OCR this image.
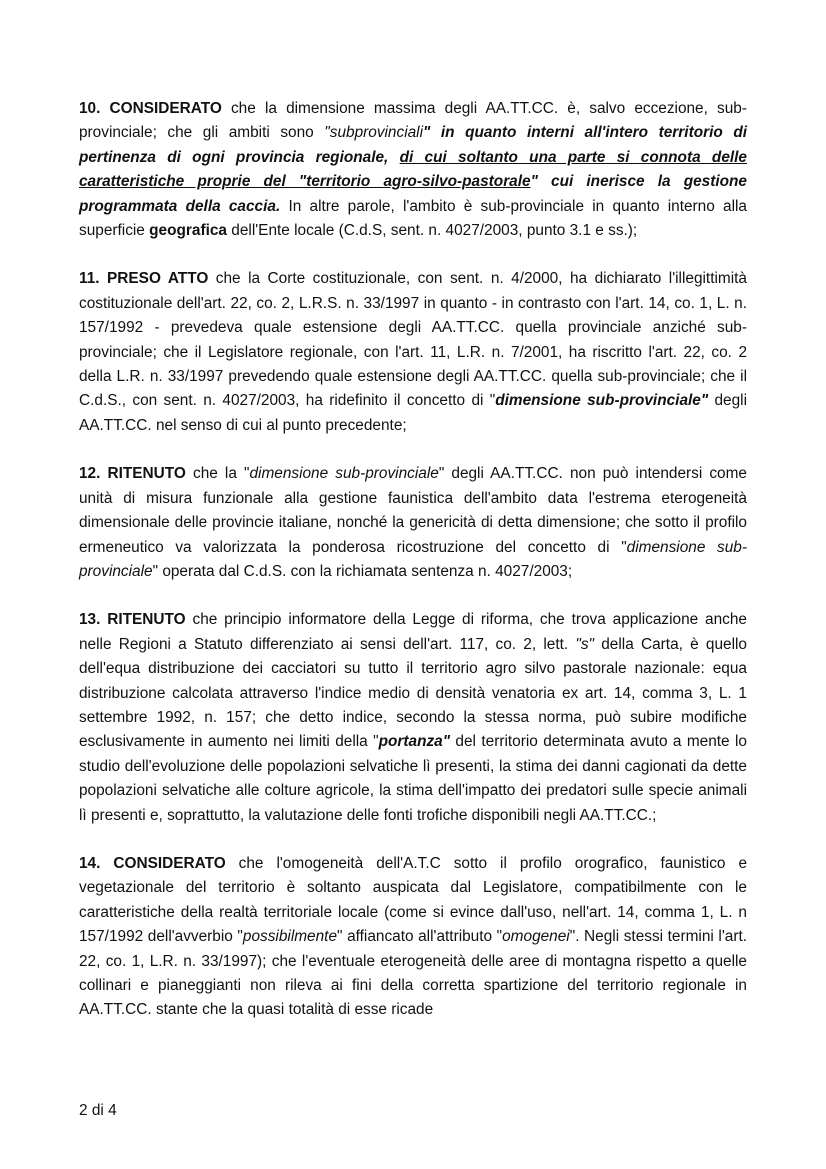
10. CONSIDERATO che la dimensione massima degli AA.TT.CC. è, salvo eccezione, sub-provinciale; che gli ambiti sono "subprovinciali" in quanto interni all'intero territorio di pertinenza di ogni provincia regionale, di cui soltanto una parte si connota delle caratteristiche proprie del "territorio agro-silvo-pastorale" cui inerisce la gestione programmata della caccia. In altre parole, l'ambito è sub-provinciale in quanto interno alla superficie geografica dell'Ente locale (C.d.S, sent. n. 4027/2003, punto 3.1 e ss.);

11. PRESO ATTO che la Corte costituzionale, con sent. n. 4/2000, ha dichiarato l'illegittimità costituzionale dell'art. 22, co. 2, L.R.S. n. 33/1997 in quanto - in contrasto con l'art. 14, co. 1, L. n. 157/1992 - prevedeva quale estensione degli AA.TT.CC. quella provinciale anziché sub-provinciale; che il Legislatore regionale, con l'art. 11, L.R. n. 7/2001, ha riscritto l'art. 22, co. 2 della L.R. n. 33/1997 prevedendo quale estensione degli AA.TT.CC. quella sub-provinciale; che il C.d.S., con sent. n. 4027/2003, ha ridefinito il concetto di "dimensione sub-provinciale" degli AA.TT.CC. nel senso di cui al punto precedente;

12. RITENUTO che la "dimensione sub-provinciale" degli AA.TT.CC. non può intendersi come unità di misura funzionale alla gestione faunistica dell'ambito data l'estrema eterogeneità dimensionale delle provincie italiane, nonché la genericità di detta dimensione; che sotto il profilo ermeneutico va valorizzata la ponderosa ricostruzione del concetto di "dimensione sub-provinciale" operata dal C.d.S. con la richiamata sentenza n. 4027/2003;

13. RITENUTO che principio informatore della Legge di riforma, che trova applicazione anche nelle Regioni a Statuto differenziato ai sensi dell'art. 117, co. 2, lett. "s" della Carta, è quello dell'equa distribuzione dei cacciatori su tutto il territorio agro silvo pastorale nazionale: equa distribuzione calcolata attraverso l'indice medio di densità venatoria ex art. 14, comma 3, L. 1 settembre 1992, n. 157; che detto indice, secondo la stessa norma, può subire modifiche esclusivamente in aumento nei limiti della "portanza" del territorio determinata avuto a mente lo studio dell'evoluzione delle popolazioni selvatiche lì presenti, la stima dei danni cagionati da dette popolazioni selvatiche alle colture agricole, la stima dell'impatto dei predatori sulle specie animali lì presenti e, soprattutto, la valutazione delle fonti trofiche disponibili negli AA.TT.CC.;

14. CONSIDERATO che l'omogeneità dell'A.T.C sotto il profilo orografico, faunistico e vegetazionale del territorio è soltanto auspicata dal Legislatore, compatibilmente con le caratteristiche della realtà territoriale locale (come si evince dall'uso, nell'art. 14, comma 1, L. n 157/1992 dell'avverbio "possibilmente" affiancato all'attributo "omogenei". Negli stessi termini l'art. 22, co. 1, L.R. n. 33/1997); che l'eventuale eterogeneità delle aree di montagna rispetto a quelle collinari e pianeggianti non rileva ai fini della corretta spartizione del territorio regionale in AA.TT.CC. stante che la quasi totalità di esse ricade

2 di 4
